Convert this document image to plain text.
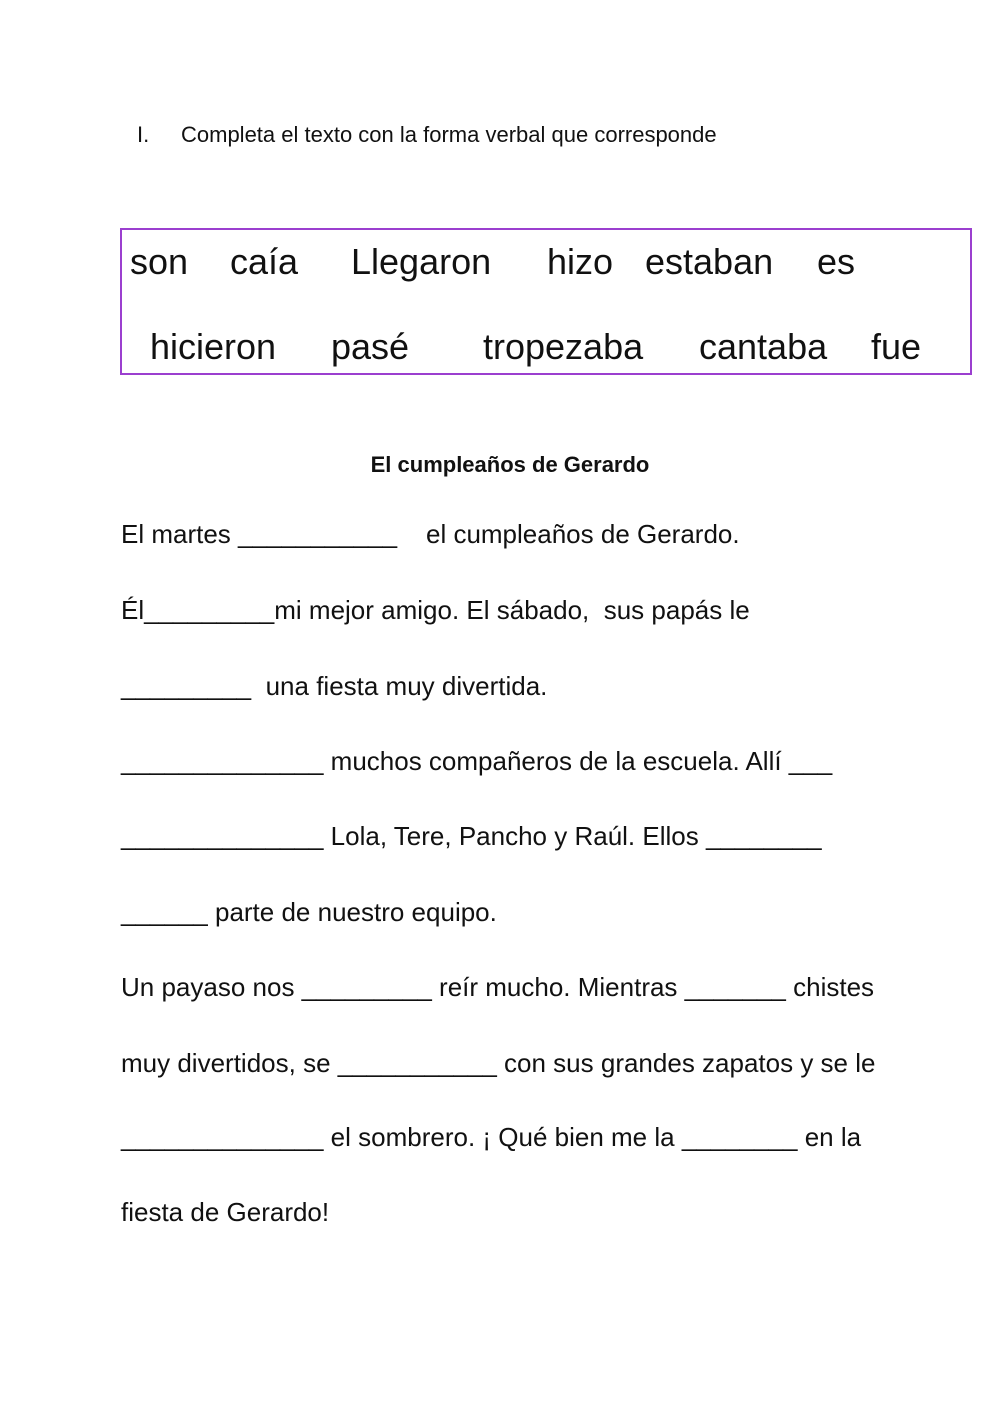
I. Completa el texto con la forma verbal que corresponde
son caía Llegaron hizo estaban es
hicieron pasé tropezaba cantaba fue
El cumpleaños de Gerardo
El martes ___________    el cumpleaños de Gerardo.
Él_________mi mejor amigo. El sábado,  sus papás le
_________  una fiesta muy divertida.
______________ muchos compañeros de la escuela. Allí ___
______________ Lola, Tere, Pancho y Raúl. Ellos ________
______ parte de nuestro equipo.
Un payaso nos _________ reír mucho. Mientras _______ chistes
muy divertidos, se ___________ con sus grandes zapatos y se le
______________ el sombrero. ¡ Qué bien me la ________ en la
fiesta de Gerardo!
